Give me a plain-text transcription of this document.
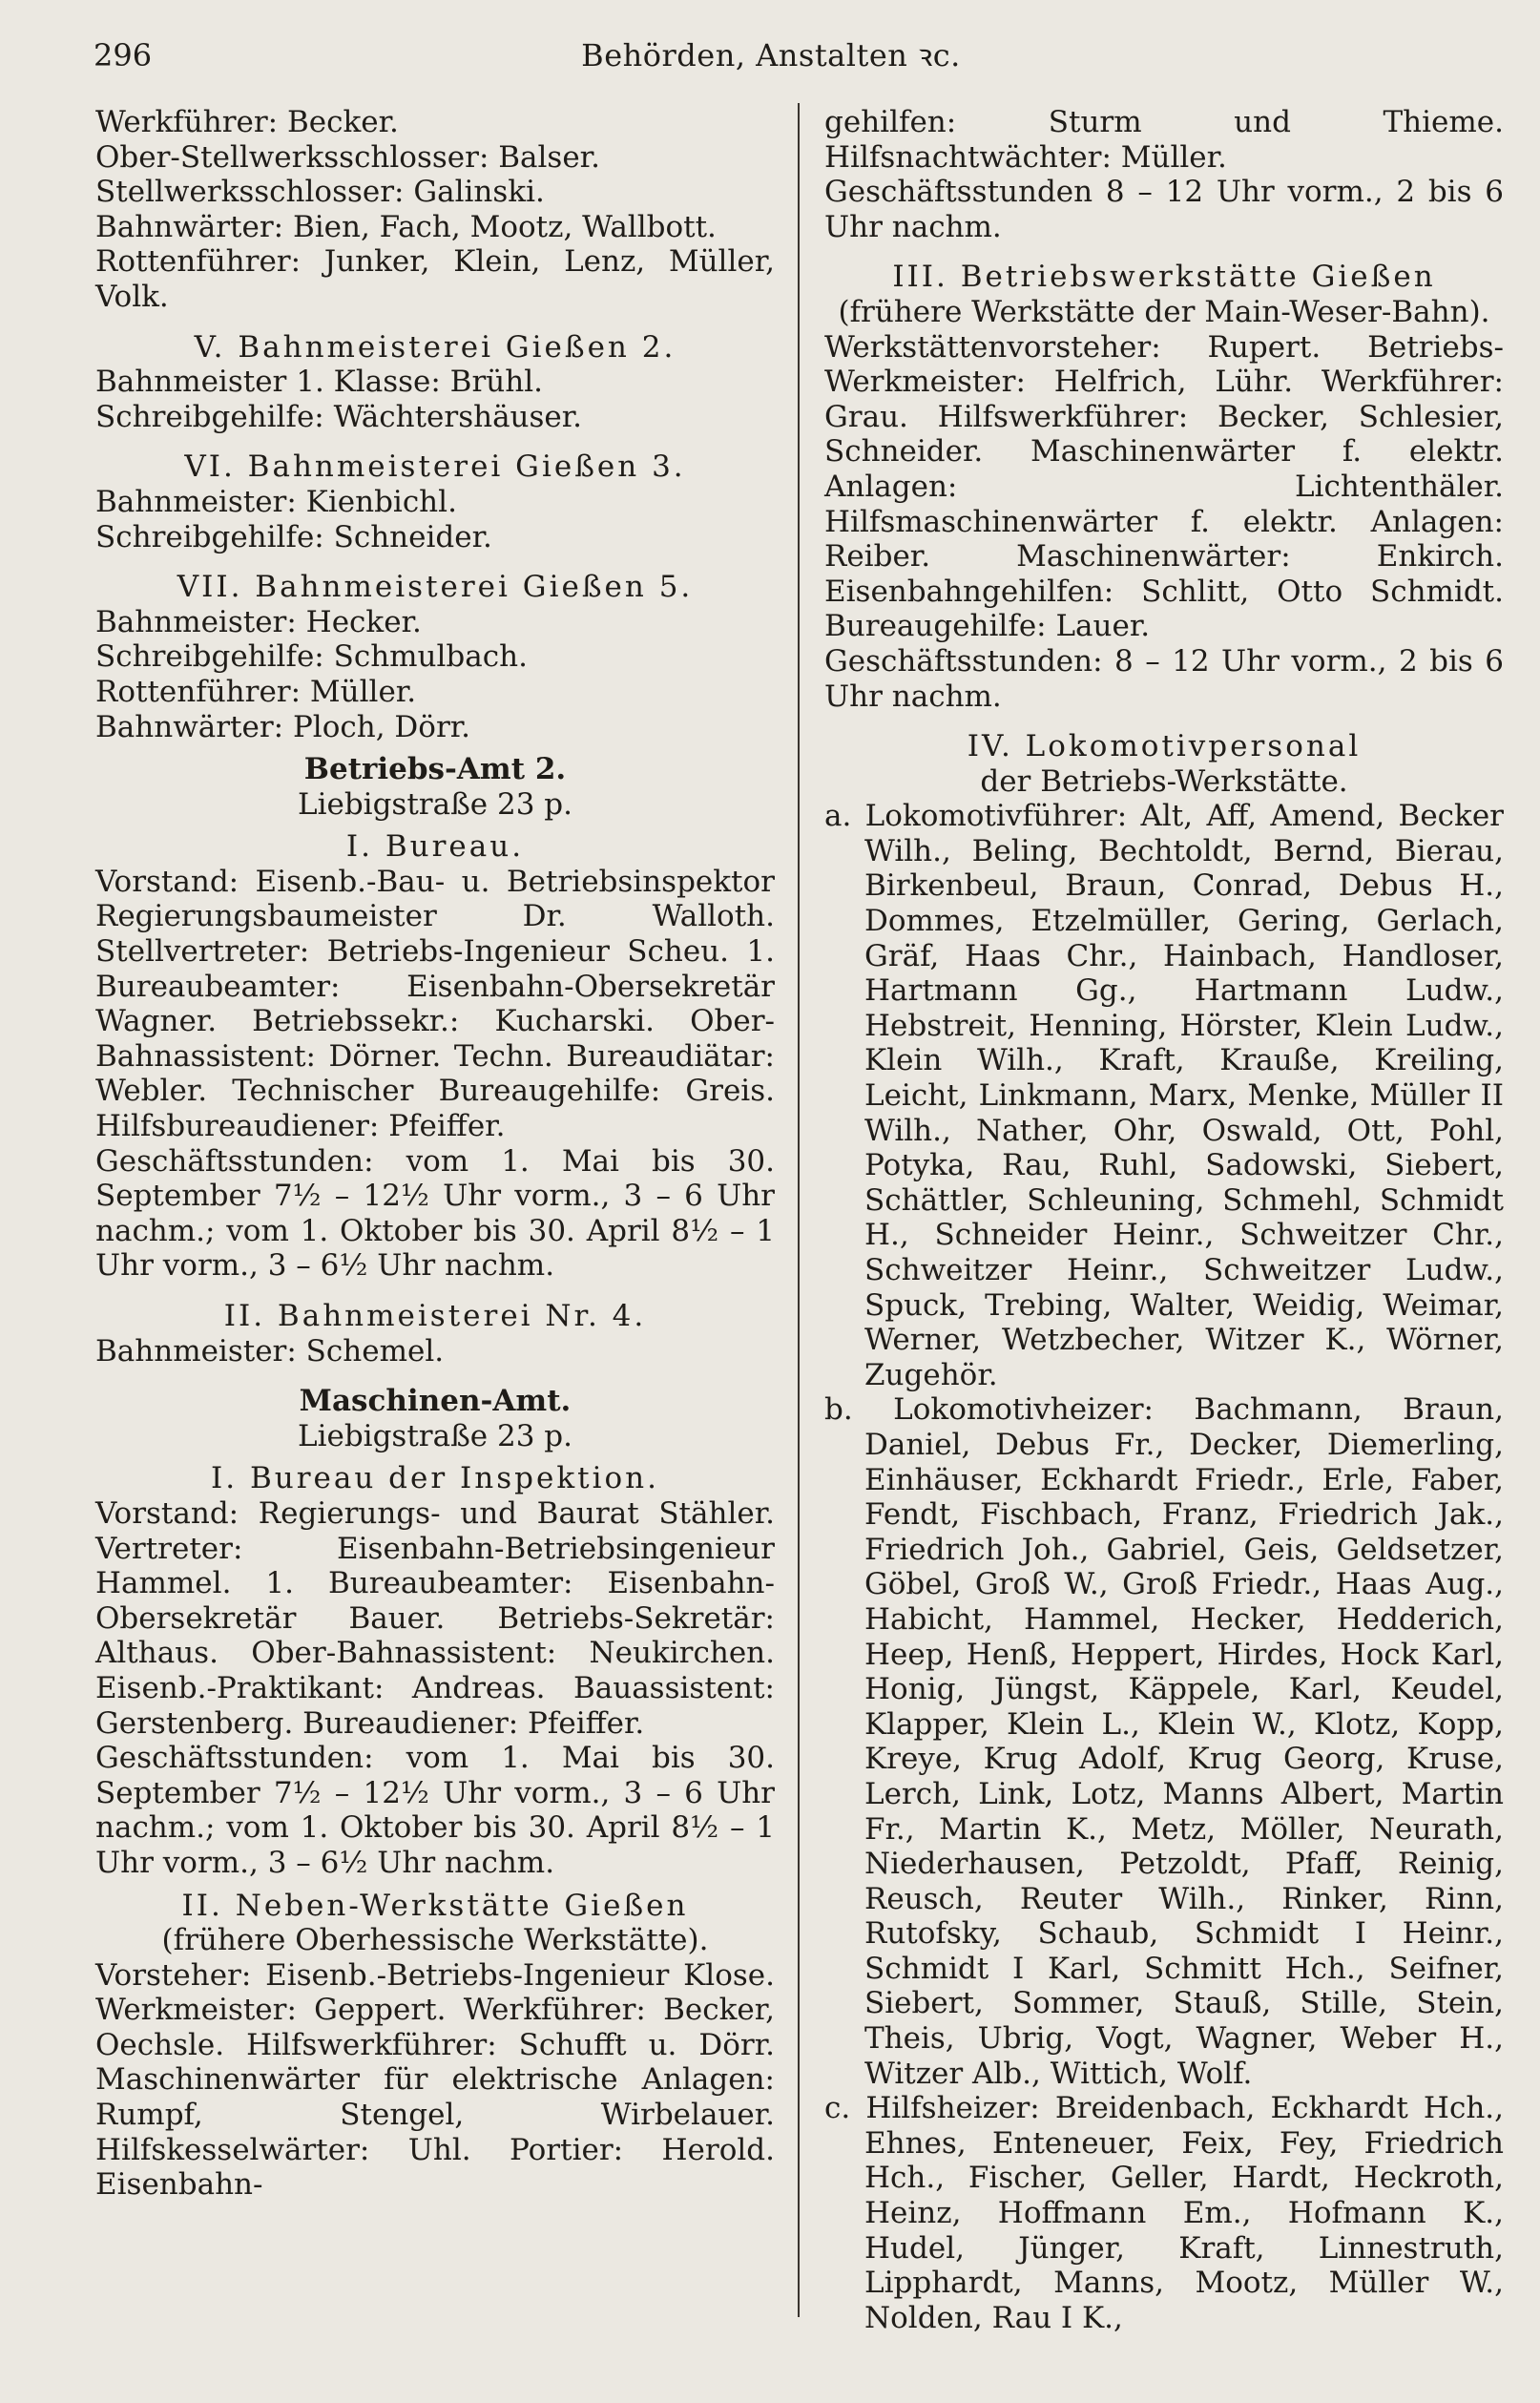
296	Behörden, Anstalten ꝛc.

Werkführer: Becker.

Ober-Stellwerksschlosser: Balser.

Stellwerksschlosser: Galinski.

Bahnwärter: Bien, Fach, Mootz, Wallbott.

Rottenführer: Junker, Klein, Lenz, Müller, Volk.

V. Bahnmeisterei Gießen 2.

Bahnmeister 1. Klasse: Brühl.

Schreibgehilfe: Wächtershäuser.

VI. Bahnmeisterei Gießen 3.

Bahnmeister: Kienbichl.

Schreibgehilfe: Schneider.

VII. Bahnmeisterei Gießen 5.

Bahnmeister: Hecker.

Schreibgehilfe: Schmulbach.

Rottenführer: Müller.

Bahnwärter: Ploch, Dörr.

Betriebs-Amt 2.

Liebigstraße 23 p.

I. Bureau.

Vorstand: Eisenb.-Bau- u. Betriebsinspektor Regierungsbaumeister Dr. Walloth. Stellvertreter: Betriebs-Ingenieur Scheu. 1. Bureaubeamter: Eisenbahn-Obersekretär Wagner. Betriebssekr.: Kucharski. Ober-Bahnassistent: Dörner. Techn. Bureaudiätar: Webler. Technischer Bureaugehilfe: Greis. Hilfsbureaudiener: Pfeiffer.

Geschäftsstunden: vom 1. Mai bis 30. September 7½ – 12½ Uhr vorm., 3 – 6 Uhr nachm.; vom 1. Oktober bis 30. April 8½ – 1 Uhr vorm., 3 – 6½ Uhr nachm.

II. Bahnmeisterei Nr. 4.

Bahnmeister: Schemel.

Maschinen-Amt.

Liebigstraße 23 p.

I. Bureau der Inspektion.

Vorstand: Regierungs- und Baurat Stähler. Vertreter: Eisenbahn-Betriebsingenieur Hammel. 1. Bureaubeamter: Eisenbahn-Obersekretär Bauer. Betriebs-Sekretär: Althaus. Ober-Bahnassistent: Neukirchen. Eisenb.-Praktikant: Andreas. Bauassistent: Gerstenberg. Bureaudiener: Pfeiffer.

Geschäftsstunden: vom 1. Mai bis 30. September 7½ – 12½ Uhr vorm., 3 – 6 Uhr nachm.; vom 1. Oktober bis 30. April 8½ – 1 Uhr vorm., 3 – 6½ Uhr nachm.

II. Neben-Werkstätte Gießen

(frühere Oberhessische Werkstätte).

Vorsteher: Eisenb.-Betriebs-Ingenieur Klose. Werkmeister: Geppert. Werkführer: Becker, Oechsle. Hilfswerkführer: Schufft u. Dörr. Maschinenwärter für elektrische Anlagen: Rumpf, Stengel, Wirbelauer. Hilfskesselwärter: Uhl. Portier: Herold. Eisenbahn-

gehilfen: Sturm und Thieme. Hilfsnachtwächter: Müller.

Geschäftsstunden 8 – 12 Uhr vorm., 2 bis 6 Uhr nachm.

III. Betriebswerkstätte Gießen

(frühere Werkstätte der Main-Weser-Bahn).

Werkstättenvorsteher: Rupert. Betriebs-Werkmeister: Helfrich, Lühr. Werkführer: Grau. Hilfswerkführer: Becker, Schlesier, Schneider. Maschinenwärter f. elektr. Anlagen: Lichtenthäler. Hilfsmaschinenwärter f. elektr. Anlagen: Reiber. Maschinenwärter: Enkirch. Eisenbahngehilfen: Schlitt, Otto Schmidt. Bureaugehilfe: Lauer.

Geschäftsstunden: 8 – 12 Uhr vorm., 2 bis 6 Uhr nachm.

IV. Lokomotivpersonal

der Betriebs-Werkstätte.

a. Lokomotivführer: Alt, Aff, Amend, Becker Wilh., Beling, Bechtoldt, Bernd, Bierau, Birkenbeul, Braun, Conrad, Debus H., Dommes, Etzelmüller, Gering, Gerlach, Gräf, Haas Chr., Hainbach, Handloser, Hartmann Gg., Hartmann Ludw., Hebstreit, Henning, Hörster, Klein Ludw., Klein Wilh., Kraft, Krauße, Kreiling, Leicht, Linkmann, Marx, Menke, Müller II Wilh., Nather, Ohr, Oswald, Ott, Pohl, Potyka, Rau, Ruhl, Sadowski, Siebert, Schättler, Schleuning, Schmehl, Schmidt H., Schneider Heinr., Schweitzer Chr., Schweitzer Heinr., Schweitzer Ludw., Spuck, Trebing, Walter, Weidig, Weimar, Werner, Wetzbecher, Witzer K., Wörner, Zugehör.

b. Lokomotivheizer: Bachmann, Braun, Daniel, Debus Fr., Decker, Diemerling, Einhäuser, Eckhardt Friedr., Erle, Faber, Fendt, Fischbach, Franz, Friedrich Jak., Friedrich Joh., Gabriel, Geis, Geldsetzer, Göbel, Groß W., Groß Friedr., Haas Aug., Habicht, Hammel, Hecker, Hedderich, Heep, Henß, Heppert, Hirdes, Hock Karl, Honig, Jüngst, Käppele, Karl, Keudel, Klapper, Klein L., Klein W., Klotz, Kopp, Kreye, Krug Adolf, Krug Georg, Kruse, Lerch, Link, Lotz, Manns Albert, Martin Fr., Martin K., Metz, Möller, Neurath, Niederhausen, Petzoldt, Pfaff, Reinig, Reusch, Reuter Wilh., Rinker, Rinn, Rutofsky, Schaub, Schmidt I Heinr., Schmidt I Karl, Schmitt Hch., Seifner, Siebert, Sommer, Stauß, Stille, Stein, Theis, Ubrig, Vogt, Wagner, Weber H., Witzer Alb., Wittich, Wolf.

c. Hilfsheizer: Breidenbach, Eckhardt Hch., Ehnes, Enteneuer, Feix, Fey, Friedrich Hch., Fischer, Geller, Hardt, Heckroth, Heinz, Hoffmann Em., Hofmann K., Hudel, Jünger, Kraft, Linnestruth, Lipphardt, Manns, Mootz, Müller W., Nolden, Rau I K.,
